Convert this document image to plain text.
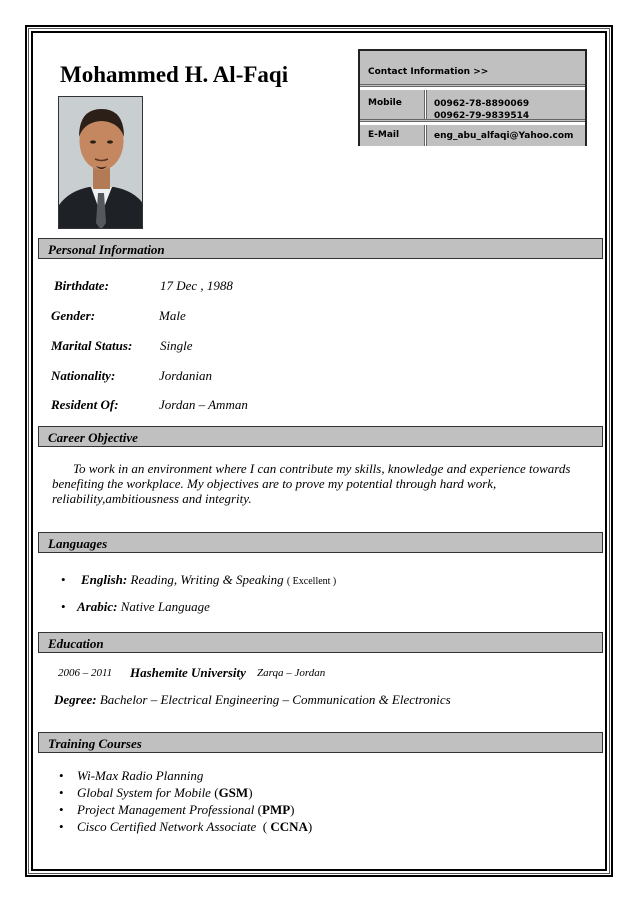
Mohammed H. Al-Faqi	Contact Information >>
Mobile	00962-78-8890069
00962-79-9839514
E-Mail	eng_abu_alfaqi@Yahoo.com
Personal Information
Birthdate:	17 Dec , 1988
Gender:	Male
Marital Status: Single
Nationality:	Jordanian
Resident Of:	Jordan – Amman
Career Objective
To work in an environment where I can contribute my skills, knowledge and experience towards benefiting the workplace. My objectives are to prove my potential through hard work, reliability,ambitiousness and integrity.
Languages
• English: Reading, Writing & Speaking ( Excellent )
• Arabic: Native Language
Education
2006 – 2011 Hashemite University Zarqa – Jordan
Degree: Bachelor – Electrical Engineering – Communication & Electronics
Training Courses
• Wi-Max Radio Planning
• Global System for Mobile (GSM)
• Project Management Professional (PMP)
• Cisco Certified Network Associate  ( CCNA)
